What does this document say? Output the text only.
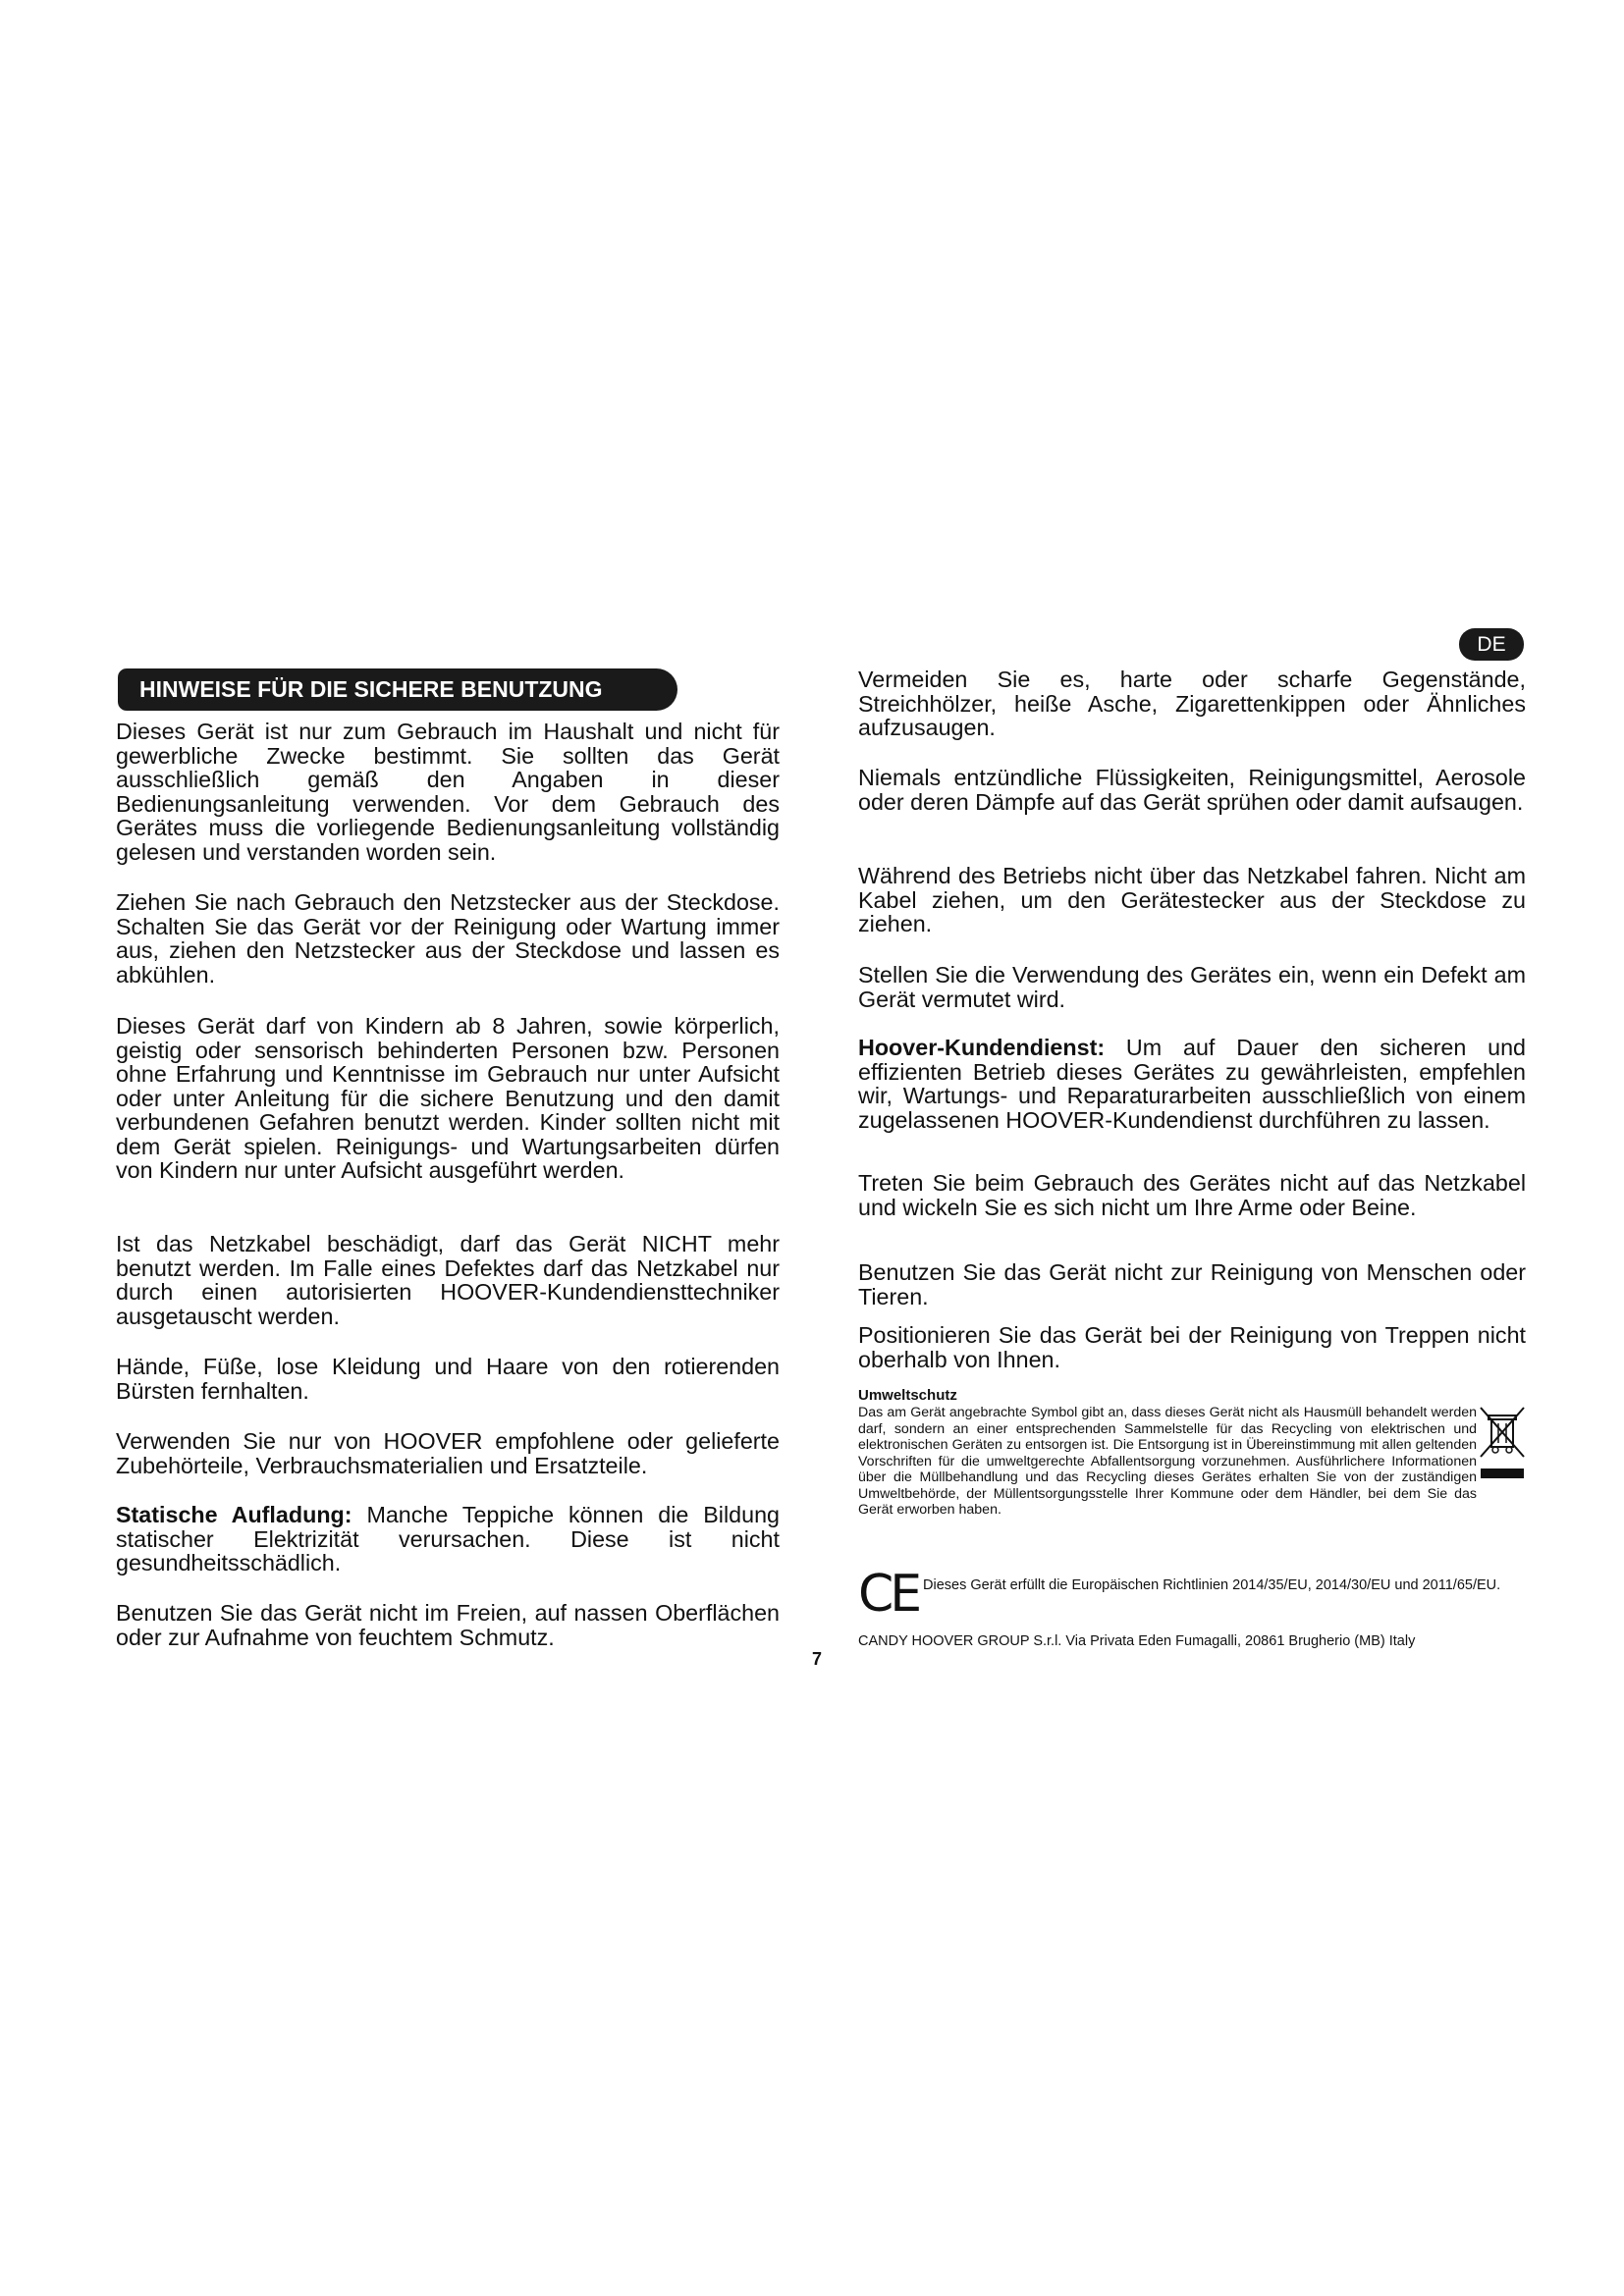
DE
HINWEISE FÜR DIE SICHERE BENUTZUNG

Dieses Gerät ist nur zum Gebrauch im Haushalt und nicht für gewerbliche Zwecke bestimmt. Sie sollten das Gerät ausschließlich gemäß den Angaben in dieser Bedienungsanleitung verwenden. Vor dem Gebrauch des Gerätes muss die vorliegende Bedienungsanleitung vollständig gelesen und verstanden worden sein.

Ziehen Sie nach Gebrauch den Netzstecker aus der Steckdose. Schalten Sie das Gerät vor der Reinigung oder Wartung immer aus, ziehen den Netzstecker aus der Steckdose und lassen es abkühlen.

Dieses Gerät darf von Kindern ab 8 Jahren, sowie körperlich, geistig oder sensorisch behinderten Personen bzw. Personen ohne Erfahrung und Kenntnisse im Gebrauch nur unter Aufsicht oder unter Anleitung für die sichere Benutzung und den damit verbundenen Gefahren benutzt werden. Kinder sollten nicht mit dem Gerät spielen. Reinigungs- und Wartungsarbeiten dürfen von Kindern nur unter Aufsicht ausgeführt werden.

Ist das Netzkabel beschädigt, darf das Gerät NICHT mehr benutzt werden. Im Falle eines Defektes darf das Netzkabel nur durch einen autorisierten HOOVER-Kundendiensttechniker ausgetauscht werden.

Hände, Füße, lose Kleidung und Haare von den rotierenden Bürsten fernhalten.

Verwenden Sie nur von HOOVER empfohlene oder gelieferte Zubehörteile, Verbrauchsmaterialien und Ersatzteile.

Statische Aufladung: Manche Teppiche können die Bildung statischer Elektrizität verursachen. Diese ist nicht gesundheitsschädlich.

Benutzen Sie das Gerät nicht im Freien, auf nassen Oberflächen oder zur Aufnahme von feuchtem Schmutz.

7

Vermeiden Sie es, harte oder scharfe Gegenstände, Streichhölzer, heiße Asche, Zigarettenkippen oder Ähnliches aufzusaugen.

Niemals entzündliche Flüssigkeiten, Reinigungsmittel, Aerosole oder deren Dämpfe auf das Gerät sprühen oder damit aufsaugen.

Während des Betriebs nicht über das Netzkabel fahren. Nicht am Kabel ziehen, um den Gerätestecker aus der Steckdose zu ziehen.

Stellen Sie die Verwendung des Gerätes ein, wenn ein Defekt am Gerät vermutet wird.

Hoover-Kundendienst: Um auf Dauer den sicheren und effizienten Betrieb dieses Gerätes zu gewährleisten, empfehlen wir, Wartungs- und Reparaturarbeiten ausschließlich von einem zugelassenen HOOVER-Kundendienst durchführen zu lassen.

Treten Sie beim Gebrauch des Gerätes nicht auf das Netzkabel und wickeln Sie es sich nicht um Ihre Arme oder Beine.

Benutzen Sie das Gerät nicht zur Reinigung von Menschen oder Tieren.

Positionieren Sie das Gerät bei der Reinigung von Treppen nicht oberhalb von Ihnen.

Umweltschutz
Das am Gerät angebrachte Symbol gibt an, dass dieses Gerät nicht als Hausmüll behandelt werden darf, sondern an einer entsprechenden Sammelstelle für das Recycling von elektrischen und elektronischen Geräten zu entsorgen ist. Die Entsorgung ist in Übereinstimmung mit allen geltenden Vorschriften für die umweltgerechte Abfallentsorgung vorzunehmen. Ausführlichere Informationen über die Müllbehandlung und das Recycling dieses Gerätes erhalten Sie von der zuständigen Umweltbehörde, der Müllentsorgungsstelle Ihrer Kommune oder dem Händler, bei dem Sie das Gerät erworben haben.
CE Dieses Gerät erfüllt die Europäischen Richtlinien 2014/35/EU, 2014/30/EU und 2011/65/EU.
CANDY HOOVER GROUP S.r.l. Via Privata Eden Fumagalli, 20861 Brugherio (MB) Italy
